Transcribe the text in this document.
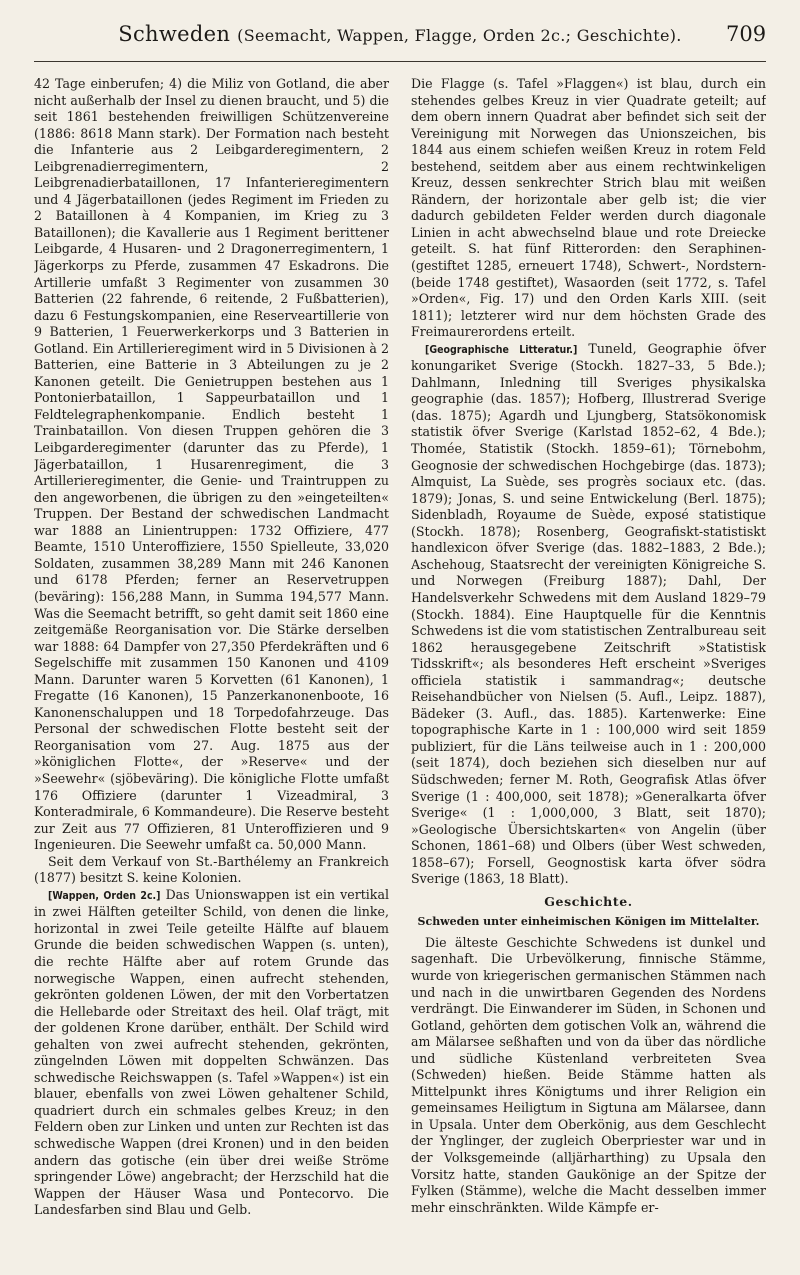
Schweden (Seemacht, Wappen, Flagge, Orden 2c.; Geschichte).	709

42 Tage einberufen; 4) die Miliz von Gotland, die aber nicht außerhalb der Insel zu dienen braucht, und 5) die seit 1861 bestehenden freiwilligen Schützenvereine (1886: 8618 Mann stark). Der Formation nach besteht die Infanterie aus 2 Leibgarderegimentern, 2 Leibgrenadierregimentern, 2 Leibgrenadierbataillonen, 17 Infanterieregimentern und 4 Jägerbataillonen (jedes Regiment im Frieden zu 2 Bataillonen à 4 Kompanien, im Krieg zu 3 Bataillonen); die Kavallerie aus 1 Regiment berittener Leibgarde, 4 Husaren- und 2 Dragonerregimentern, 1 Jägerkorps zu Pferde, zusammen 47 Eskadrons. Die Artillerie umfaßt 3 Regimenter von zusammen 30 Batterien (22 fahrende, 6 reitende, 2 Fußbatterien), dazu 6 Festungskompanien, eine Reserveartillerie von 9 Batterien, 1 Feuerwerkerkorps und 3 Batterien in Gotland. Ein Artillerieregiment wird in 5 Divisionen à 2 Batterien, eine Batterie in 3 Abteilungen zu je 2 Kanonen geteilt. Die Genietruppen bestehen aus 1 Pontonierbataillon, 1 Sappeurbataillon und 1 Feldtelegraphenkompanie. Endlich besteht 1 Trainbataillon. Von diesen Truppen gehören die 3 Leibgarderegimenter (darunter das zu Pferde), 1 Jägerbataillon, 1 Husarenregiment, die 3 Artillerieregimenter, die Genie- und Traintruppen zu den angeworbenen, die übrigen zu den »eingeteilten« Truppen. Der Bestand der schwedischen Landmacht war 1888 an Linientruppen: 1732 Offiziere, 477 Beamte, 1510 Unteroffiziere, 1550 Spielleute, 33,020 Soldaten, zusammen 38,289 Mann mit 246 Kanonen und 6178 Pferden; ferner an Reservetruppen (beväring): 156,288 Mann, in Summa 194,577 Mann. Was die Seemacht betrifft, so geht damit seit 1860 eine zeitgemäße Reorganisation vor. Die Stärke derselben war 1888: 64 Dampfer von 27,350 Pferdekräften und 6 Segelschiffe mit zusammen 150 Kanonen und 4109 Mann. Darunter waren 5 Korvetten (61 Kanonen), 1 Fregatte (16 Kanonen), 15 Panzerkanonenboote, 16 Kanonenschaluppen und 18 Torpedofahrzeuge. Das Personal der schwedischen Flotte besteht seit der Reorganisation vom 27. Aug. 1875 aus der »königlichen Flotte«, der »Reserve« und der »Seewehr« (sjöbeväring). Die königliche Flotte umfaßt 176 Offiziere (darunter 1 Vizeadmiral, 3 Konteradmirale, 6 Kommandeure). Die Reserve besteht zur Zeit aus 77 Offizieren, 81 Unteroffizieren und 9 Ingenieuren. Die Seewehr umfaßt ca. 50,000 Mann.

Seit dem Verkauf von St.-Barthélemy an Frankreich (1877) besitzt S. keine Kolonien.

[Wappen, Orden 2c.] Das Unionswappen ist ein vertikal in zwei Hälften geteilter Schild, von denen die linke, horizontal in zwei Teile geteilte Hälfte auf blauem Grunde die beiden schwedischen Wappen (s. unten), die rechte Hälfte aber auf rotem Grunde das norwegische Wappen, einen aufrecht stehenden, gekrönten goldenen Löwen, der mit den Vorbertatzen die Hellebarde oder Streitaxt des heil. Olaf trägt, mit der goldenen Krone darüber, enthält. Der Schild wird gehalten von zwei aufrecht stehenden, gekrönten, züngelnden Löwen mit doppelten Schwänzen. Das schwedische Reichswappen (s. Tafel »Wappen«) ist ein blauer, ebenfalls von zwei Löwen gehaltener Schild, quadriert durch ein schmales gelbes Kreuz; in den Feldern oben zur Linken und unten zur Rechten ist das schwedische Wappen (drei Kronen) und in den beiden andern das gotische (ein über drei weiße Ströme springender Löwe) angebracht; der Herzschild hat die Wappen der Häuser Wasa und Pontecorvo. Die Landesfarben sind Blau und Gelb.

Die Flagge (s. Tafel »Flaggen«) ist blau, durch ein stehendes gelbes Kreuz in vier Quadrate geteilt; auf dem obern innern Quadrat aber befindet sich seit der Vereinigung mit Norwegen das Unionszeichen, bis 1844 aus einem schiefen weißen Kreuz in rotem Feld bestehend, seitdem aber aus einem rechtwinkeligen Kreuz, dessen senkrechter Strich blau mit weißen Rändern, der horizontale aber gelb ist; die vier dadurch gebildeten Felder werden durch diagonale Linien in acht abwechselnd blaue und rote Dreiecke geteilt. S. hat fünf Ritterorden: den Seraphinen- (gestiftet 1285, erneuert 1748), Schwert-, Nordstern- (beide 1748 gestiftet), Wasaorden (seit 1772, s. Tafel »Orden«, Fig. 17) und den Orden Karls XIII. (seit 1811); letzterer wird nur dem höchsten Grade des Freimaurerordens erteilt.

[Geographische Litteratur.] Tuneld, Geographie öfver konungariket Sverige (Stockh. 1827–33, 5 Bde.); Dahlmann, Inledning till Sveriges physikalska geographie (das. 1857); Hofberg, Illustrerad Sverige (das. 1875); Agardh und Ljungberg, Statsökonomisk statistik öfver Sverige (Karlstad 1852–62, 4 Bde.); Thomée, Statistik (Stockh. 1859–61); Törnebohm, Geognosie der schwedischen Hochgebirge (das. 1873); Almquist, La Suède, ses progrès sociaux etc. (das. 1879); Jonas, S. und seine Entwickelung (Berl. 1875); Sidenbladh, Royaume de Suède, exposé statistique (Stockh. 1878); Rosenberg, Geografiskt-statistiskt handlexicon öfver Sverige (das. 1882–1883, 2 Bde.); Aschehoug, Staatsrecht der vereinigten Königreiche S. und Norwegen (Freiburg 1887); Dahl, Der Handelsverkehr Schwedens mit dem Ausland 1829–79 (Stockh. 1884). Eine Hauptquelle für die Kenntnis Schwedens ist die vom statistischen Zentralbureau seit 1862 herausgegebene Zeitschrift »Statistisk Tidsskrift«; als besonderes Heft erscheint »Sveriges officiela statistik i sammandrag«; deutsche Reisehandbücher von Nielsen (5. Aufl., Leipz. 1887), Bädeker (3. Aufl., das. 1885). Kartenwerke: Eine topographische Karte in 1 : 100,000 wird seit 1859 publiziert, für die Läns teilweise auch in 1 : 200,000 (seit 1874), doch beziehen sich dieselben nur auf Südschweden; ferner M. Roth, Geografisk Atlas öfver Sverige (1 : 400,000, seit 1878); »Generalkarta öfver Sverige« (1 : 1,000,000, 3 Blatt, seit 1870); »Geologische Übersichtskarten« von Angelin (über Schonen, 1861–68) und Olbers (über West schweden, 1858–67); Forsell, Geognostisk karta öfver södra Sverige (1863, 18 Blatt).

Geschichte.
Schweden unter einheimischen Königen im Mittelalter.

Die älteste Geschichte Schwedens ist dunkel und sagenhaft. Die Urbevölkerung, finnische Stämme, wurde von kriegerischen germanischen Stämmen nach und nach in die unwirtbaren Gegenden des Nordens verdrängt. Die Einwanderer im Süden, in Schonen und Gotland, gehörten dem gotischen Volk an, während die am Mälarsee seßhaften und von da über das nördliche und südliche Küstenland verbreiteten Svea (Schweden) hießen. Beide Stämme hatten als Mittelpunkt ihres Königtums und ihrer Religion ein gemeinsames Heiligtum in Sigtuna am Mälarsee, dann in Upsala. Unter dem Oberkönig, aus dem Geschlecht der Ynglinger, der zugleich Oberpriester war und in der Volksgemeinde (alljärharthing) zu Upsala den Vorsitz hatte, standen Gaukönige an der Spitze der Fylken (Stämme), welche die Macht desselben immer mehr einschränkten. Wilde Kämpfe er-
